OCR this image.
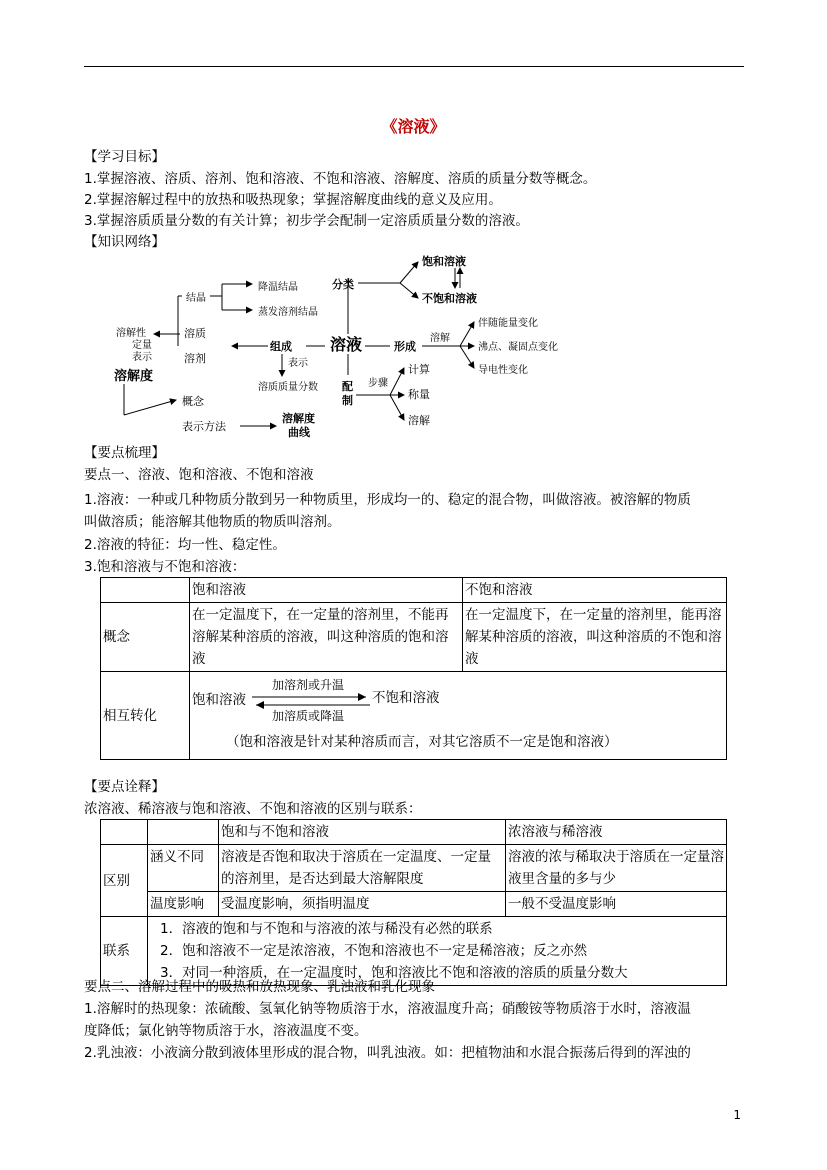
《溶液》
【学习目标】
1.掌握溶液、溶质、溶剂、饱和溶液、不饱和溶液、溶解度、溶质的质量分数等概念。
2.掌握溶解过程中的放热和吸热现象；掌握溶解度曲线的意义及应用。
3.掌握溶质质量分数的有关计算；初步学会配制一定溶质质量分数的溶液。
【知识网络】
溶液
分类
饱和溶液
不饱和溶液
组成
表示
溶质质量分数
溶质
溶剂
结晶
降温结晶
蒸发溶剂结晶
溶解性
定量
表示
溶解度
概念
表示方法
溶解度
曲线
形成
溶解
伴随能量变化
沸点、凝固点变化
导电性变化
配
制
步骤
计算
称量
溶解
【要点梳理】
要点一、溶液、饱和溶液、不饱和溶液
1.溶液：一种或几种物质分散到另一种物质里，形成均一的、稳定的混合物，叫做溶液。被溶解的物质
叫做溶质；能溶解其他物质的物质叫溶剂。
2.溶液的特征：均一性、稳定性。
3.饱和溶液与不饱和溶液：
	饱和溶液	不饱和溶液
概念	在一定温度下，在一定量的溶剂里，不能再溶解某种溶质的溶液，叫这种溶质的饱和溶液	在一定温度下，在一定量的溶剂里，能再溶解某种溶质的溶液，叫这种溶质的不饱和溶液
相互转化	饱和溶液
加溶剂或升温
不饱和溶液
加溶质或降温
（饱和溶液是针对某种溶质而言，对其它溶质不一定是饱和溶液）	
【要点诠释】
浓溶液、稀溶液与饱和溶液、不饱和溶液的区别与联系：
		饱和与不饱和溶液	浓溶液与稀溶液
区别	涵义不同	溶液是否饱和取决于溶质在一定温度、一定量的溶剂里，是否达到最大溶解限度	溶液的浓与稀取决于溶质在一定量溶液里含量的多与少
	温度影响	受温度影响，须指明温度	一般不受温度影响
联系	1．溶液的饱和与不饱和与溶液的浓与稀没有必然的联系
2．饱和溶液不一定是浓溶液，不饱和溶液也不一定是稀溶液；反之亦然
3．对同一种溶质，在一定温度时，饱和溶液比不饱和溶液的溶质的质量分数大		
要点二、溶解过程中的吸热和放热现象、乳浊液和乳化现象
1.溶解时的热现象：浓硫酸、氢氧化钠等物质溶于水，溶液温度升高；硝酸铵等物质溶于水时，溶液温
度降低；氯化钠等物质溶于水，溶液温度不变。
2.乳浊液：小液滴分散到液体里形成的混合物，叫乳浊液。如：把植物油和水混合振荡后得到的浑浊的
1
